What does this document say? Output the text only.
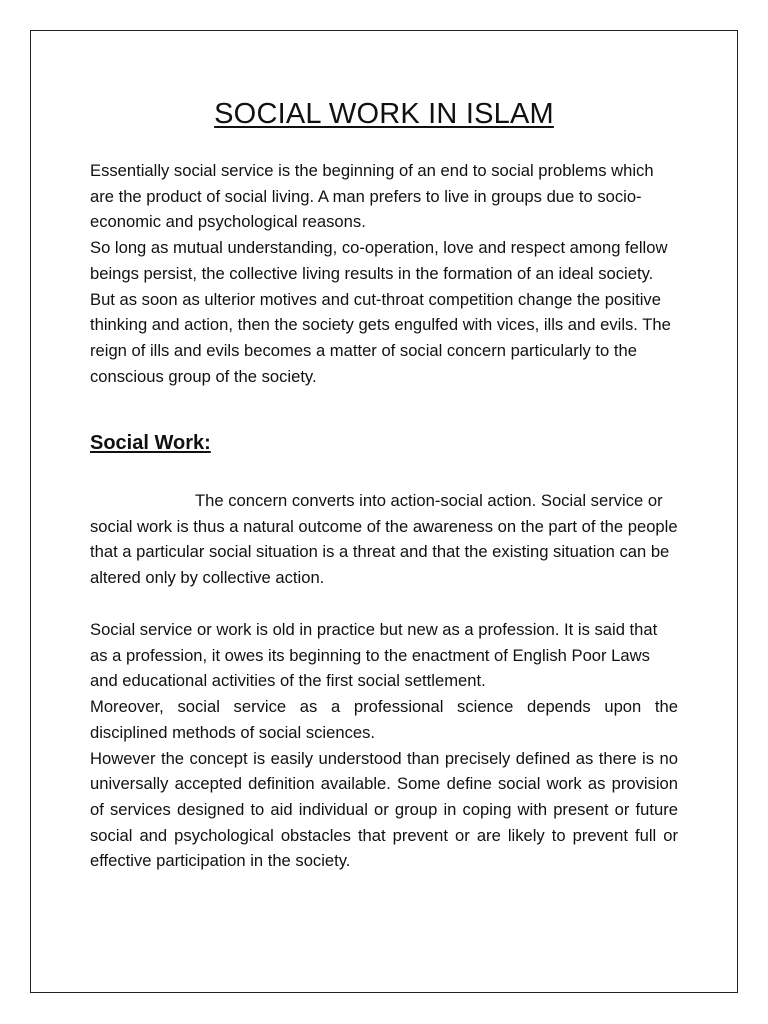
SOCIAL WORK IN ISLAM

Essentially social service is the beginning of an end to social problems which are the product of social living. A man prefers to live in groups due to socio-economic and psychological reasons.

So long as mutual understanding, co-operation, love and respect among fellow beings persist, the collective living results in the formation of an ideal society.

But as soon as ulterior motives and cut-throat competition change the positive thinking and action, then the society gets engulfed with vices, ills and evils. The reign of ills and evils becomes a matter of social concern particularly to the conscious group of the society.

Social Work:

The concern converts into action-social action. Social service or social work is thus a natural outcome of the awareness on the part of the people that a particular social situation is a threat and that the existing situation can be altered only by collective action.

Social service or work is old in practice but new as a profession. It is said that as a profession, it owes its beginning to the enactment of English Poor Laws and educational activities of the first social settlement.

Moreover, social service as a professional science depends upon the disciplined methods of social sciences.

However the concept is easily understood than precisely defined as there is no universally accepted definition available. Some define social work as provision of services designed to aid individual or group in coping with present or future social and psychological obstacles that prevent or are likely to prevent full or effective participation in the society.
